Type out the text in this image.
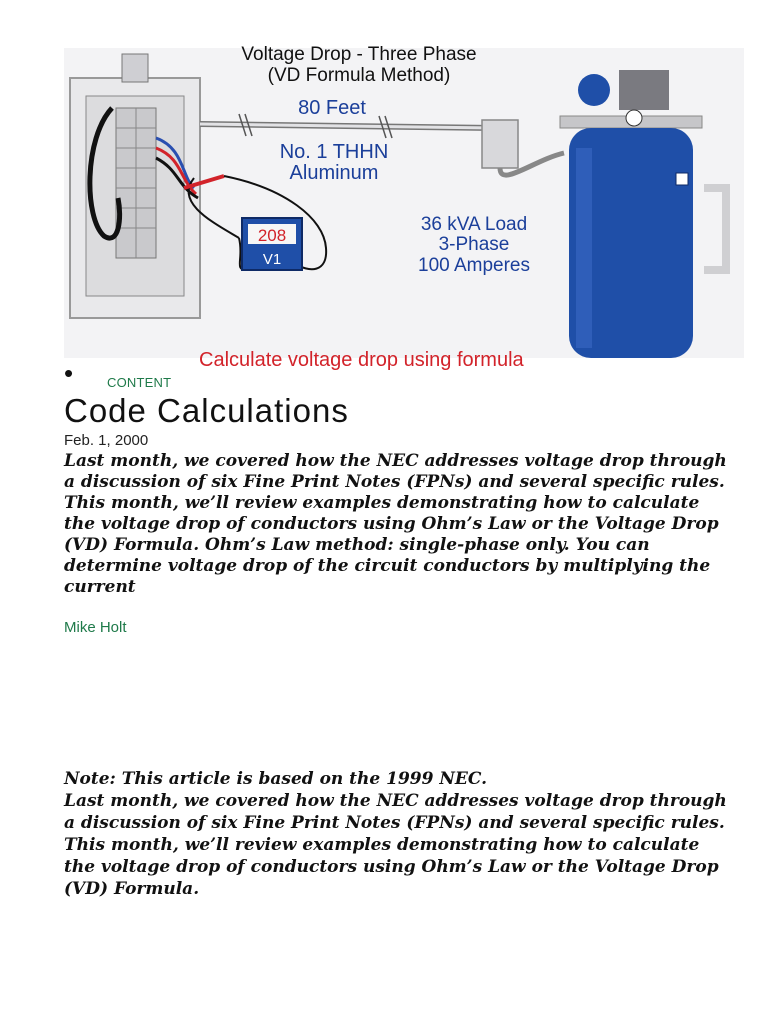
Voltage Drop - Three Phase
(VD Formula Method)
80 Feet
No. 1 THHN
Aluminum
208
V1
36 kVA Load
3-Phase
100 Amperes
Calculate voltage drop using formula
•	CONTENT
Code Calculations
Feb. 1, 2000

Last month, we covered how the NEC addresses voltage drop through a discussion of six Fine Print Notes (FPNs) and several specific rules. This month, we’ll review examples demonstrating how to calculate the voltage drop of conductors using Ohm’s Law or the Voltage Drop (VD) Formula. Ohm’s Law method: single-phase only. You can determine voltage drop of the circuit conductors by multiplying the current

Mike Holt

Note: This article is based on the 1999 NEC.

Last month, we covered how the NEC addresses voltage drop through a discussion of six Fine Print Notes (FPNs) and several specific rules. This month, we’ll review examples demonstrating how to calculate the voltage drop of conductors using Ohm’s Law or the Voltage Drop (VD) Formula.
